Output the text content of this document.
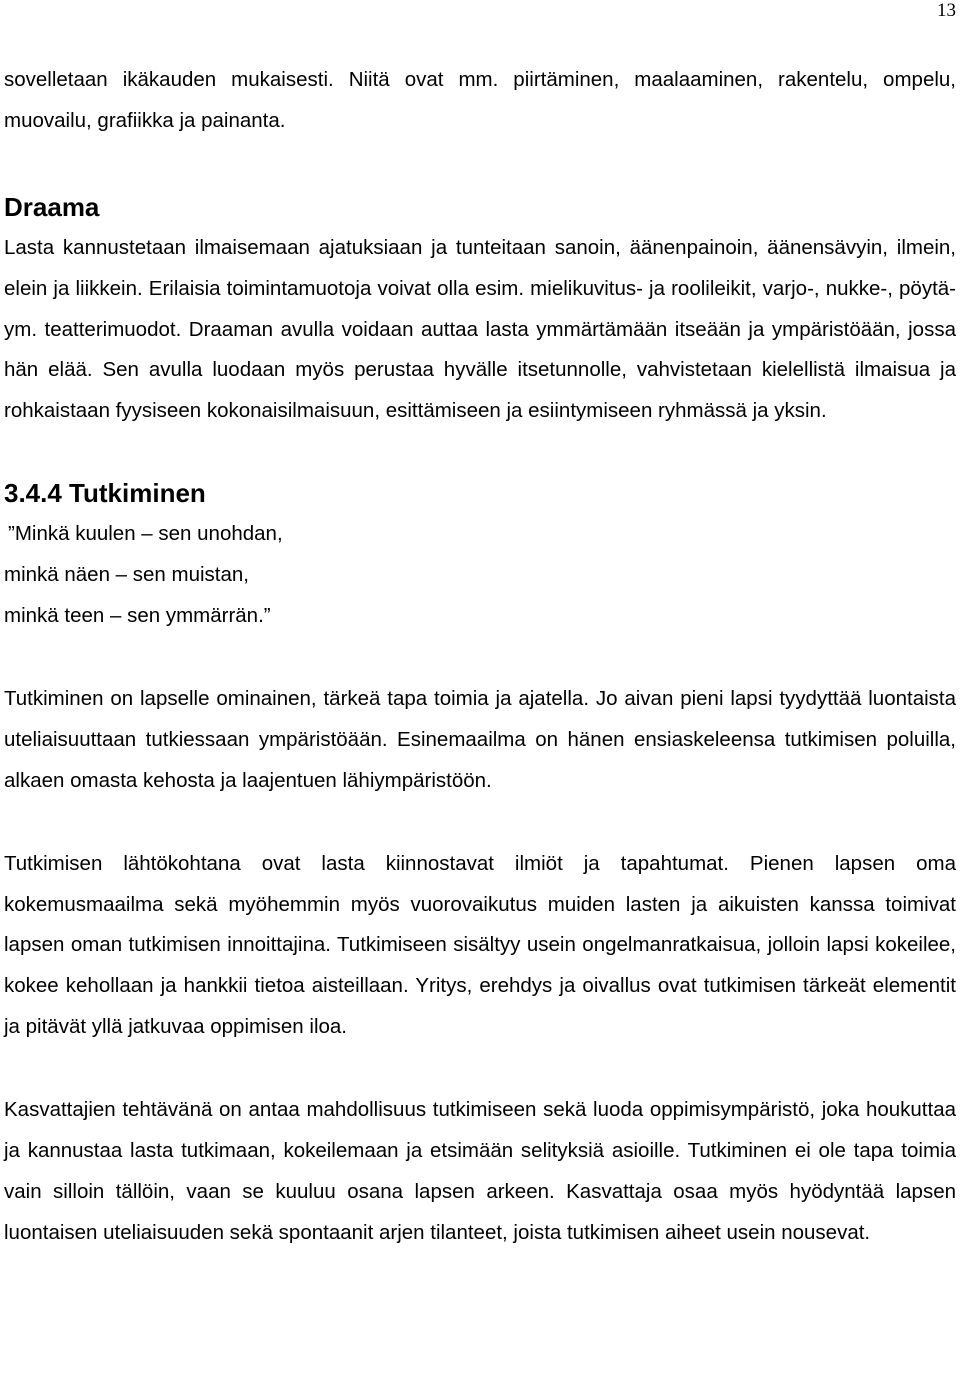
13

sovelletaan ikäkauden mukaisesti. Niitä ovat mm. piirtäminen, maalaaminen, rakentelu, ompelu, muovailu, grafiikka ja painanta.

Draama

Lasta kannustetaan ilmaisemaan ajatuksiaan ja tunteitaan sanoin, äänenpainoin, äänensävyin, ilmein, elein ja liikkein. Erilaisia toimintamuotoja voivat olla esim. mielikuvitus- ja roolileikit, varjo-, nukke-, pöytä- ym. teatterimuodot. Draaman avulla voidaan auttaa lasta ymmärtämään itseään ja ympäristöään, jossa hän elää. Sen avulla luodaan myös perustaa hyvälle itsetunnolle, vahvistetaan kielellistä ilmaisua ja rohkaistaan fyysiseen kokonaisilmaisuun, esittämiseen ja esiintymiseen ryhmässä ja yksin.

3.4.4 Tutkiminen
”Minkä kuulen – sen unohdan,
minkä näen – sen muistan,
minkä teen – sen ymmärrän.”

Tutkiminen on lapselle ominainen, tärkeä tapa toimia ja ajatella. Jo aivan pieni lapsi tyydyttää luontaista uteliaisuuttaan tutkiessaan ympäristöään. Esinemaailma on hänen ensiaskeleensa tutkimisen poluilla, alkaen omasta kehosta ja laajentuen lähiympäristöön.

Tutkimisen lähtökohtana ovat lasta kiinnostavat ilmiöt ja tapahtumat. Pienen lapsen oma kokemusmaailma sekä myöhemmin myös vuorovaikutus muiden lasten ja aikuisten kanssa toimivat lapsen oman tutkimisen innoittajina. Tutkimiseen sisältyy usein ongelmanratkaisua, jolloin lapsi kokeilee, kokee kehollaan ja hankkii tietoa aisteillaan. Yritys, erehdys ja oivallus ovat tutkimisen tärkeät elementit ja pitävät yllä jatkuvaa oppimisen iloa.

Kasvattajien tehtävänä on antaa mahdollisuus tutkimiseen sekä luoda oppimisympäristö, joka houkuttaa ja kannustaa lasta tutkimaan, kokeilemaan ja etsimään selityksiä asioille. Tutkiminen ei ole tapa toimia vain silloin tällöin, vaan se kuuluu osana lapsen arkeen. Kasvattaja osaa myös hyödyntää lapsen luontaisen uteliaisuuden sekä spontaanit arjen tilanteet, joista tutkimisen aiheet usein nousevat.
